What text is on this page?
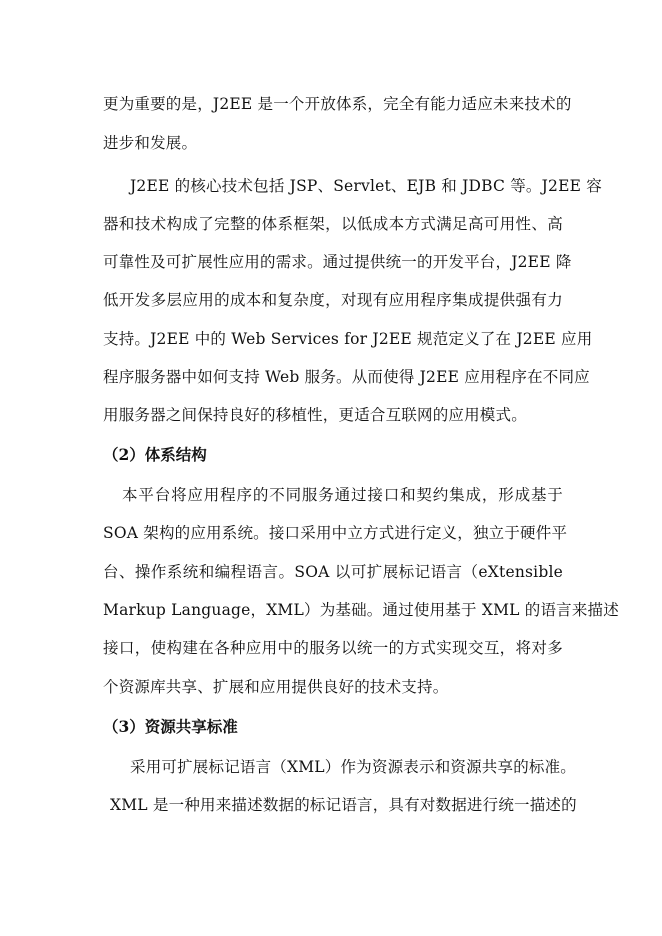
更为重要的是，J2EE 是一个开放体系，完全有能力适应未来技术的
进步和发展。
J2EE 的核心技术包括 JSP、Servlet、EJB 和 JDBC 等。J2EE 容
器和技术构成了完整的体系框架，以低成本方式满足高可用性、高
可靠性及可扩展性应用的需求。通过提供统一的开发平台，J2EE 降
低开发多层应用的成本和复杂度，对现有应用程序集成提供强有力
支持。J2EE 中的 Web Services for J2EE 规范定义了在 J2EE 应用
程序服务器中如何支持 Web 服务。从而使得 J2EE 应用程序在不同应
用服务器之间保持良好的移植性，更适合互联网的应用模式。
（2）体系结构
本平台将应用程序的不同服务通过接口和契约集成，形成基于
SOA 架构的应用系统。接口采用中立方式进行定义，独立于硬件平
台、操作系统和编程语言。SOA 以可扩展标记语言（eXtensible
Markup Language，XML）为基础。通过使用基于 XML 的语言来描述
接口，使构建在各种应用中的服务以统一的方式实现交互，将对多
个资源库共享、扩展和应用提供良好的技术支持。
（3）资源共享标准
采用可扩展标记语言（XML）作为资源表示和资源共享的标准。
XML 是一种用来描述数据的标记语言，具有对数据进行统一描述的
